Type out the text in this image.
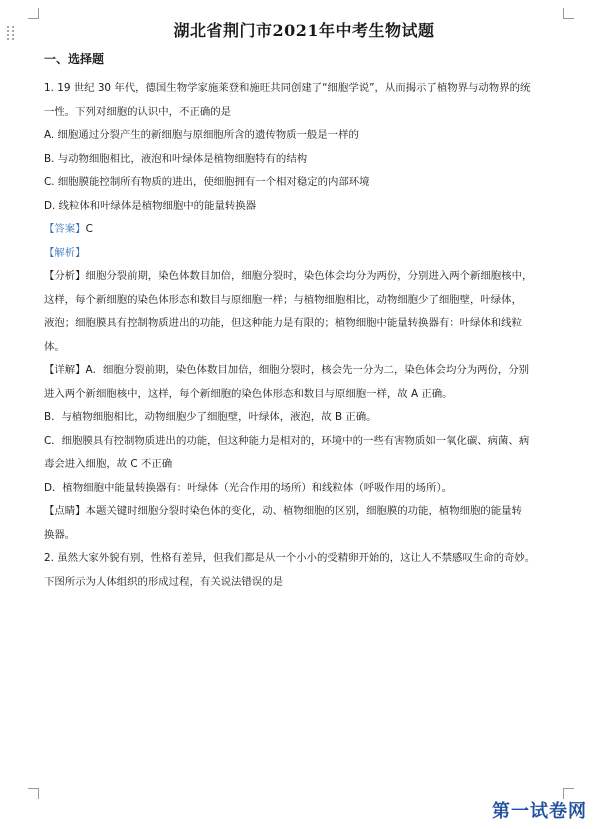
湖北省荆门市2021年中考生物试题
一、选择题

1. 19 世纪 30 年代，德国生物学家施莱登和施旺共同创建了“细胞学说”，从而揭示了植物界与动物界的统

一性。下列对细胞的认识中，不正确的是

A. 细胞通过分裂产生的新细胞与原细胞所含的遗传物质一般是一样的

B. 与动物细胞相比，液泡和叶绿体是植物细胞特有的结构

C. 细胞膜能控制所有物质的进出，使细胞拥有一个相对稳定的内部环境

D. 线粒体和叶绿体是植物细胞中的能量转换器

【答案】C

【解析】

【分析】细胞分裂前期，染色体数目加倍，细胞分裂时，染色体会均分为两份，分别进入两个新细胞核中，

这样，每个新细胞的染色体形态和数目与原细胞一样；与植物细胞相比，动物细胞少了细胞壁，叶绿体，

液泡；细胞膜具有控制物质进出的功能，但这种能力是有限的；植物细胞中能量转换器有：叶绿体和线粒

体。

【详解】A．细胞分裂前期，染色体数目加倍，细胞分裂时，核会先一分为二，染色体会均分为两份，分别

进入两个新细胞核中，这样，每个新细胞的染色体形态和数目与原细胞一样，故 A 正确。

B．与植物细胞相比，动物细胞少了细胞壁，叶绿体，液泡，故 B 正确。

C．细胞膜具有控制物质进出的功能，但这种能力是相对的，环境中的一些有害物质如一氧化碳、病菌、病

毒会进入细胞，故 C 不正确

D．植物细胞中能量转换器有：叶绿体（光合作用的场所）和线粒体（呼吸作用的场所）。

【点睛】本题关键时细胞分裂时染色体的变化，动、植物细胞的区别，细胞膜的功能，植物细胞的能量转

换器。

2. 虽然大家外貌有别，性格有差异，但我们都是从一个小小的受精卵开始的，这让人不禁感叹生命的奇妙。

下图所示为人体组织的形成过程，有关说法错误的是

第一试卷网
